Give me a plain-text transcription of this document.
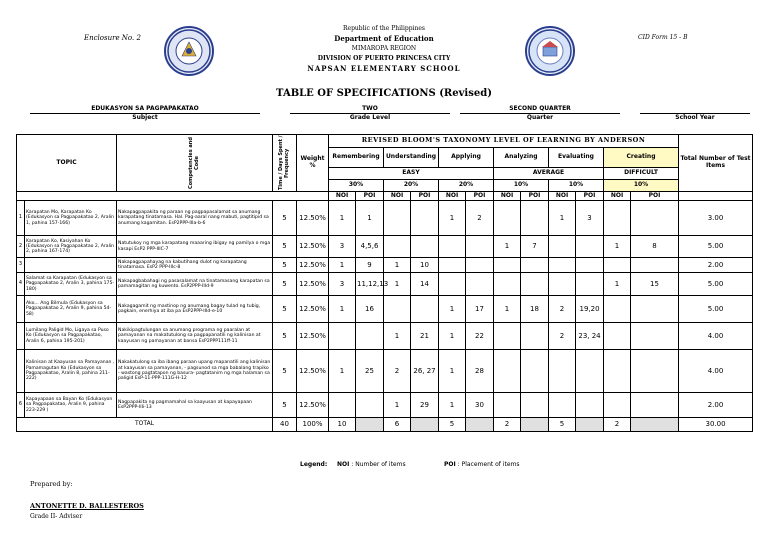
Enclosure No. 2	CID Form 15 - B
Republic of the Philippines
Department of Education
MIMAROPA REGION
DIVISION OF PUERTO PRINCESA CITY
NAPSAN ELEMENTARY SCHOOL
TABLE OF SPECIFICATIONS (Revised)
EDUKASYON SA PAGPAPAKATAO
Subject
TWO
Grade Level
SECOND QUARTER
Quarter	School Year
TOPIC		Competencies and Code	Time / Days Spent / Frequency	Weight %	REVISED BLOOM'S TAXONOMY LEVEL OF LEARNING BY ANDERSON												Total Number of Test Items
					Remembering		Understanding		Applying		Analyzing		Evaluating		Creating		
					EASY						AVERAGE				DIFFICULT		
					30%		20%		20%		10%		10%		10%		
					NOI	POI	NOI	POI	NOI	POI	NOI	POI	NOI	POI	NOI	POI	
1	Karapatan Mo, Karapatan Ko (Edukasyon sa Pagpapakatao 2, Aralin 1, pahina 157-166)	Nakapagpapakita ng paraan ng pagpapasalamat sa anumang karapatang tinatamasa. Hal. Pag-aaral nang mabuti, pagtitipid sa anumang kagamitan. EsP2PPP-IIIa-b-6	5	12.50%	1	1			1	2			1	3			3.00
2	Karapatan Ko, Kasiyahan Ko (Edukasyon sa Pagpapakatao 2, Aralin 2, pahina 167-174)	Natutukoy ng mga karapatang maaaring ibigay ng pamilya o mga kasapi EsP2 PPP-IIIC-7	5	12.50%	3	4,5,6					1	7			1	8	5.00
3		Nakapagpapahayag na kabutihang dulot ng karapatang tinatamasa. EsP2 PPP-IIIc-8	5	12.50%	1	9	1	10									2.00
4	Salamat sa Karapatan (Edukasyon sa Pagpapakatao 2, Aralin 3, pahina 175-180)	Nakapagbabahagi ng pasasalamat na tinatamasang karapatan sa pamamagitan ng kuwento. EsP2PPP-IIId-9	5	12.50%	3	11,12,13	1	14							1	15	5.00
	Ako... Ang Bilmula (Edukasyon sa Pagpapakatao 2, Aralin 9, pahina 54-58)	Nakagagamit ng mastinop ng anumang bagay tulad ng tubig, pagkain, enerhiya at iba pa EsP2PPP-IIId-e-10	5	12.50%	1	16			1	17	1	18	2	19,20			5.00
	Lumilang Paligid Mo, Ligaya sa Puso Ko (Edukasyon sa Pagpapakatao, Aralin 6, pahina 195-201)	Nakikipagtulungan sa anumang programa ng paaralan at pamayanan na makatutulong sa pagpapanatili ng kalinisan at kaayusan ng pamayanan at bansa EsP2PPP111ff-11	5	12.50%			1	21	1	22			2	23, 24			4.00
	Kalinisan at Kaayusan sa Pamayanan , Pamamagutan Ko (Edukasyon sa Pagpapakatao, Aralin 8, pahina 211-222)	Nakakatulong sa iba ibang paraan upang mapanatili ang kalinisan at kaayusan sa pamayanan, - pagsunod sa mga babalang trapiko - wastong pagtatapon ng basura- pagtatanim ng mga halaman sa paligid EsP-11-PPP-111G-H-12	5	12.50%	1	25	2	26, 27	1	28							4.00
6	Kapayapaan sa Bayan Ko (Edukasyon sa Pagpapakatao, Aralin 9, pahina 223-229 )	Nagpapakita ng pagmamahal sa kaayusan at kapayapaan EsP2PPP-IIIi-13	5	12.50%			1	29	1	30							2.00
TOTAL			40	100%	10		6		5		2		5		2		30.00
Legend: NOI : Number of items	POI : Placement of items
Prepared by:
ANTONETTE D. BALLESTEROS
Grade II- Adviser
